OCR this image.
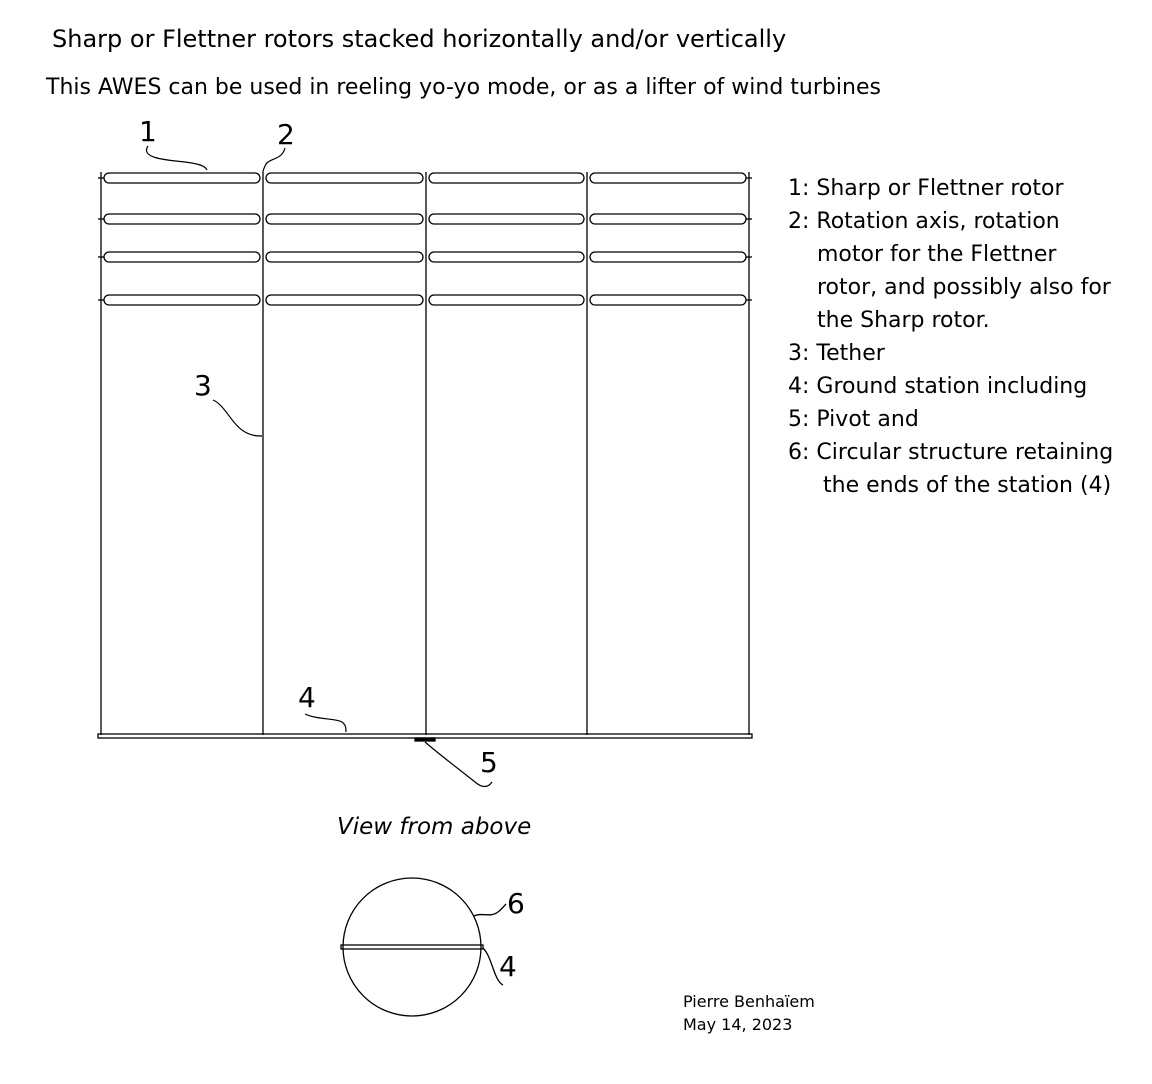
Sharp or Flettner rotors stacked horizontally and/or vertically
This AWES can be used in reeling yo-yo mode, or as a lifter of wind turbines
1	2
3
4
5
6
4
1: Sharp or Flettner rotor
2: Rotation axis, rotation
motor for the Flettner
rotor, and possibly also for
the Sharp rotor.
3: Tether
4: Ground station including
5: Pivot and
6: Circular structure retaining
the ends of the station (4)
View from above
Pierre Benhaïem
May 14, 2023
